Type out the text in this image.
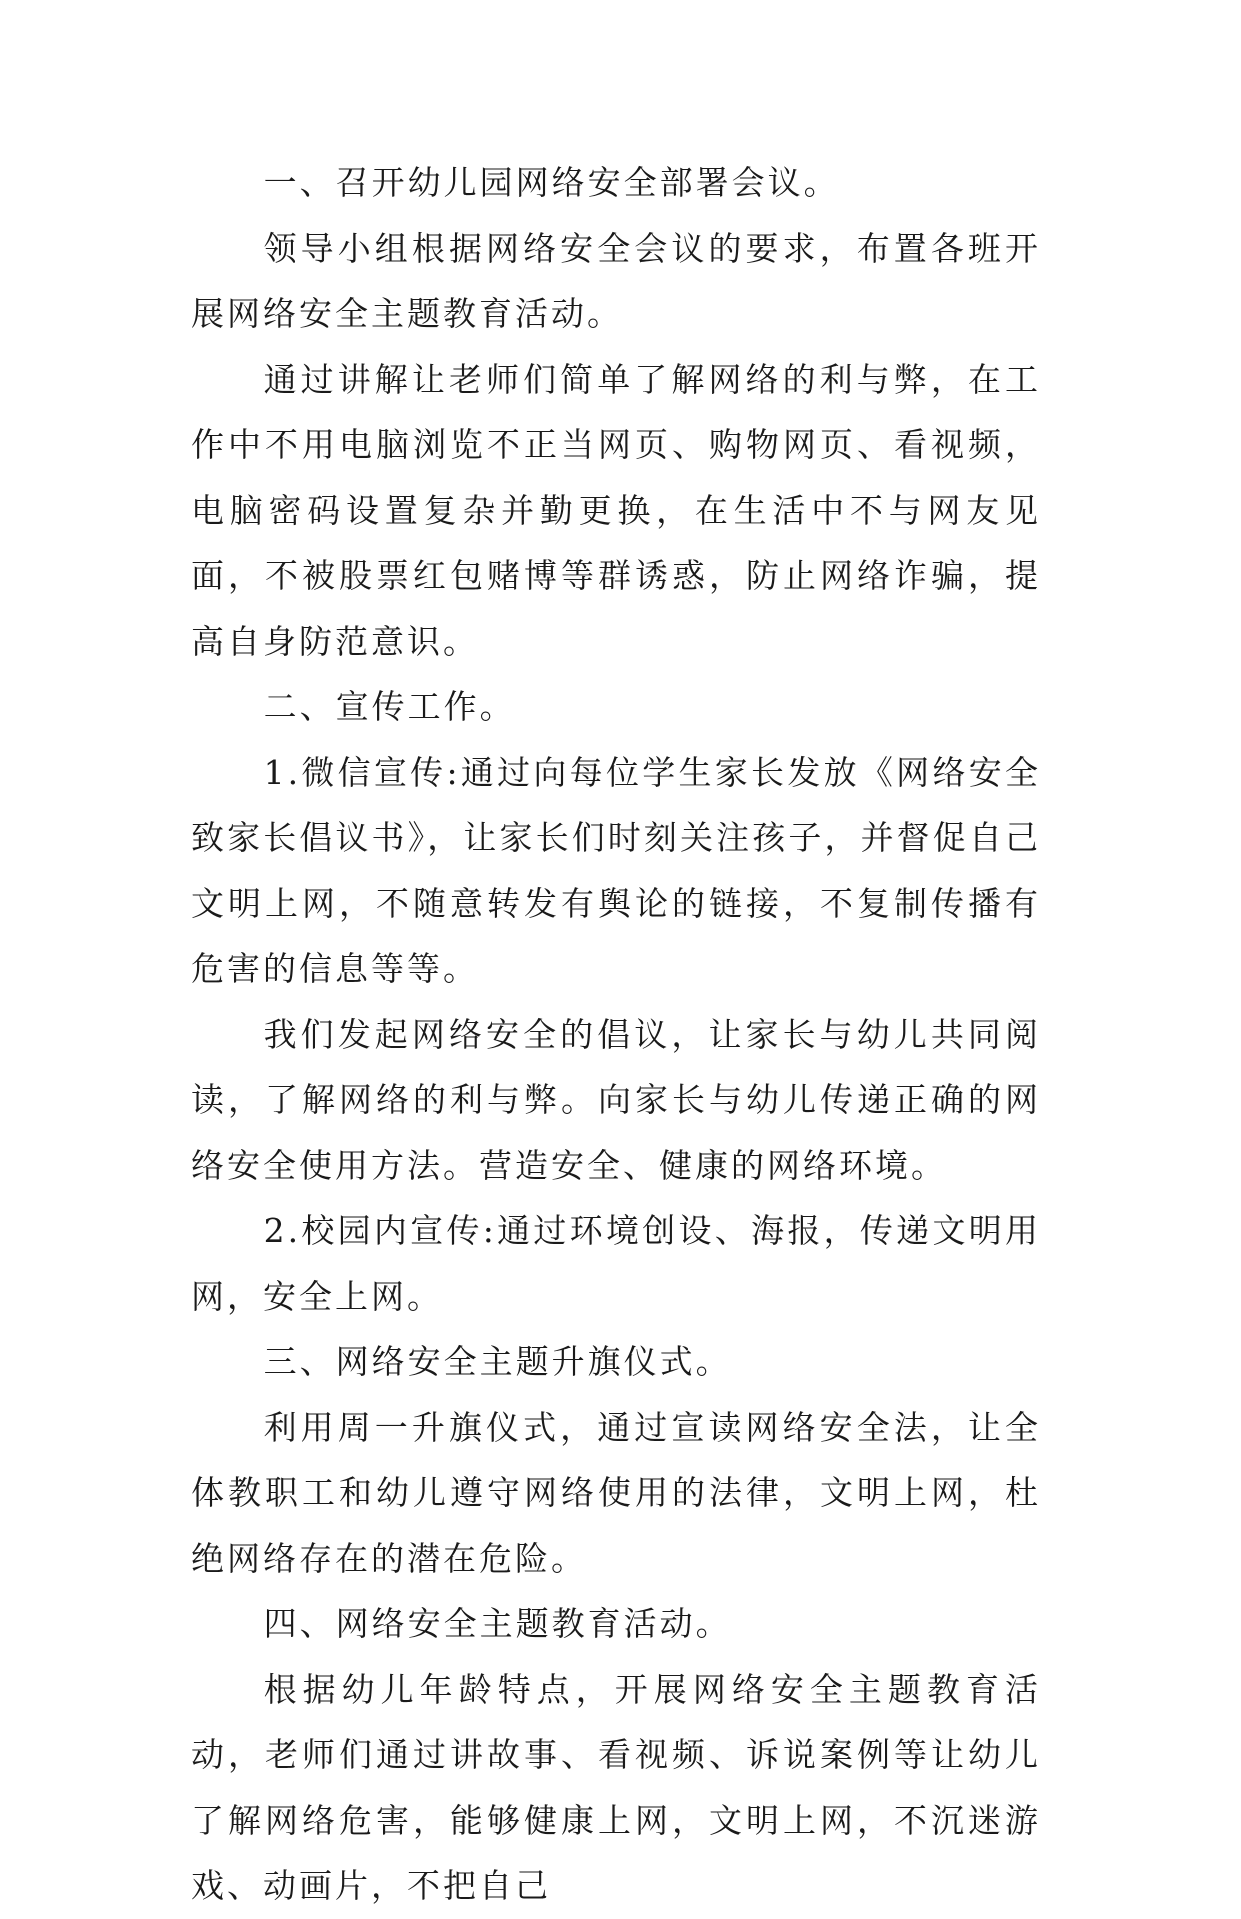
一、召开幼儿园网络安全部署会议。

领导小组根据网络安全会议的要求，布置各班开展网络安全主题教育活动。

通过讲解让老师们简单了解网络的利与弊，在工作中不用电脑浏览不正当网页、购物网页、看视频，电脑密码设置复杂并勤更换，在生活中不与网友见面，不被股票红包赌博等群诱惑，防止网络诈骗，提高自身防范意识。

二、宣传工作。

1.微信宣传:通过向每位学生家长发放《网络安全致家长倡议书》，让家长们时刻关注孩子，并督促自己文明上网，不随意转发有舆论的链接，不复制传播有危害的信息等等。

我们发起网络安全的倡议，让家长与幼儿共同阅读，了解网络的利与弊。向家长与幼儿传递正确的网络安全使用方法。营造安全、健康的网络环境。

2.校园内宣传:通过环境创设、海报，传递文明用网，安全上网。

三、网络安全主题升旗仪式。

利用周一升旗仪式，通过宣读网络安全法，让全体教职工和幼儿遵守网络使用的法律，文明上网，杜绝网络存在的潜在危险。

四、网络安全主题教育活动。

根据幼儿年龄特点，开展网络安全主题教育活动，老师们通过讲故事、看视频、诉说案例等让幼儿了解网络危害，能够健康上网，文明上网，不沉迷游戏、动画片，不把自己
